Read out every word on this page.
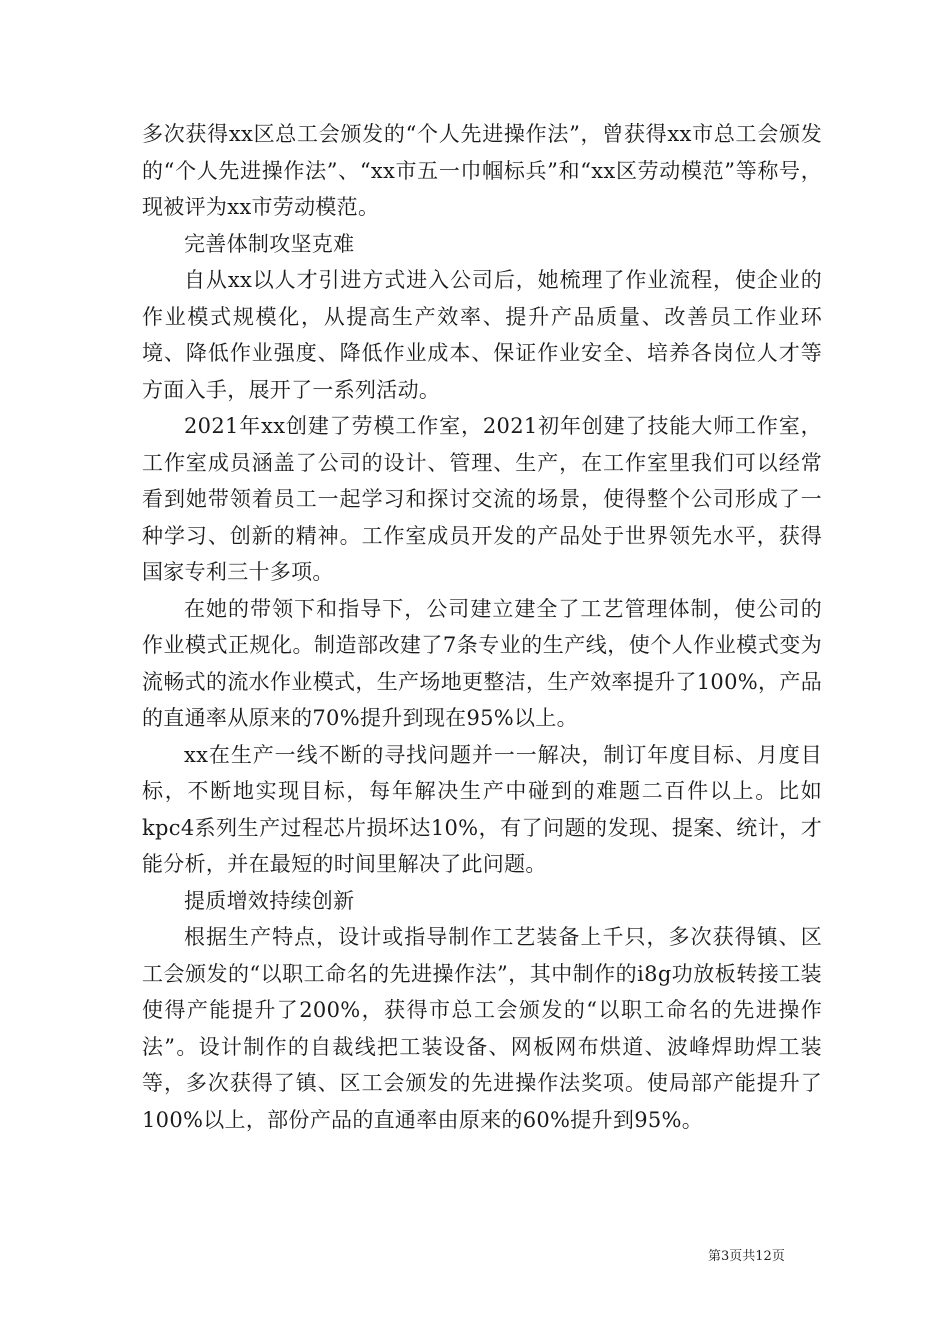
多次获得xx区总工会颁发的“个人先进操作法”，曾获得xx市总工会颁发的“个人先进操作法”、“xx市五一巾帼标兵”和“xx区劳动模范”等称号，现被评为xx市劳动模范。

完善体制攻坚克难

自从xx以人才引进方式进入公司后，她梳理了作业流程，使企业的作业模式规模化，从提高生产效率、提升产品质量、改善员工作业环境、降低作业强度、降低作业成本、保证作业安全、培养各岗位人才等方面入手，展开了一系列活动。

2021年xx创建了劳模工作室，2021初年创建了技能大师工作室，工作室成员涵盖了公司的设计、管理、生产，在工作室里我们可以经常看到她带领着员工一起学习和探讨交流的场景，使得整个公司形成了一种学习、创新的精神。工作室成员开发的产品处于世界领先水平，获得国家专利三十多项。

在她的带领下和指导下，公司建立建全了工艺管理体制，使公司的作业模式正规化。制造部改建了7条专业的生产线，使个人作业模式变为流畅式的流水作业模式，生产场地更整洁，生产效率提升了100%，产品的直通率从原来的70%提升到现在95%以上。

xx在生产一线不断的寻找问题并一一解决，制订年度目标、月度目标，不断地实现目标，每年解决生产中碰到的难题二百件以上。比如kpc4系列生产过程芯片损坏达10%，有了问题的发现、提案、统计，才能分析，并在最短的时间里解决了此问题。

提质增效持续创新

根据生产特点，设计或指导制作工艺装备上千只，多次获得镇、区工会颁发的“以职工命名的先进操作法”，其中制作的i8g功放板转接工装使得产能提升了200%，获得市总工会颁发的“以职工命名的先进操作法”。设计制作的自裁线把工装设备、网板网布烘道、波峰焊助焊工装等，多次获得了镇、区工会颁发的先进操作法奖项。使局部产能提升了100%以上，部份产品的直通率由原来的60%提升到95%。

第3页共12页
